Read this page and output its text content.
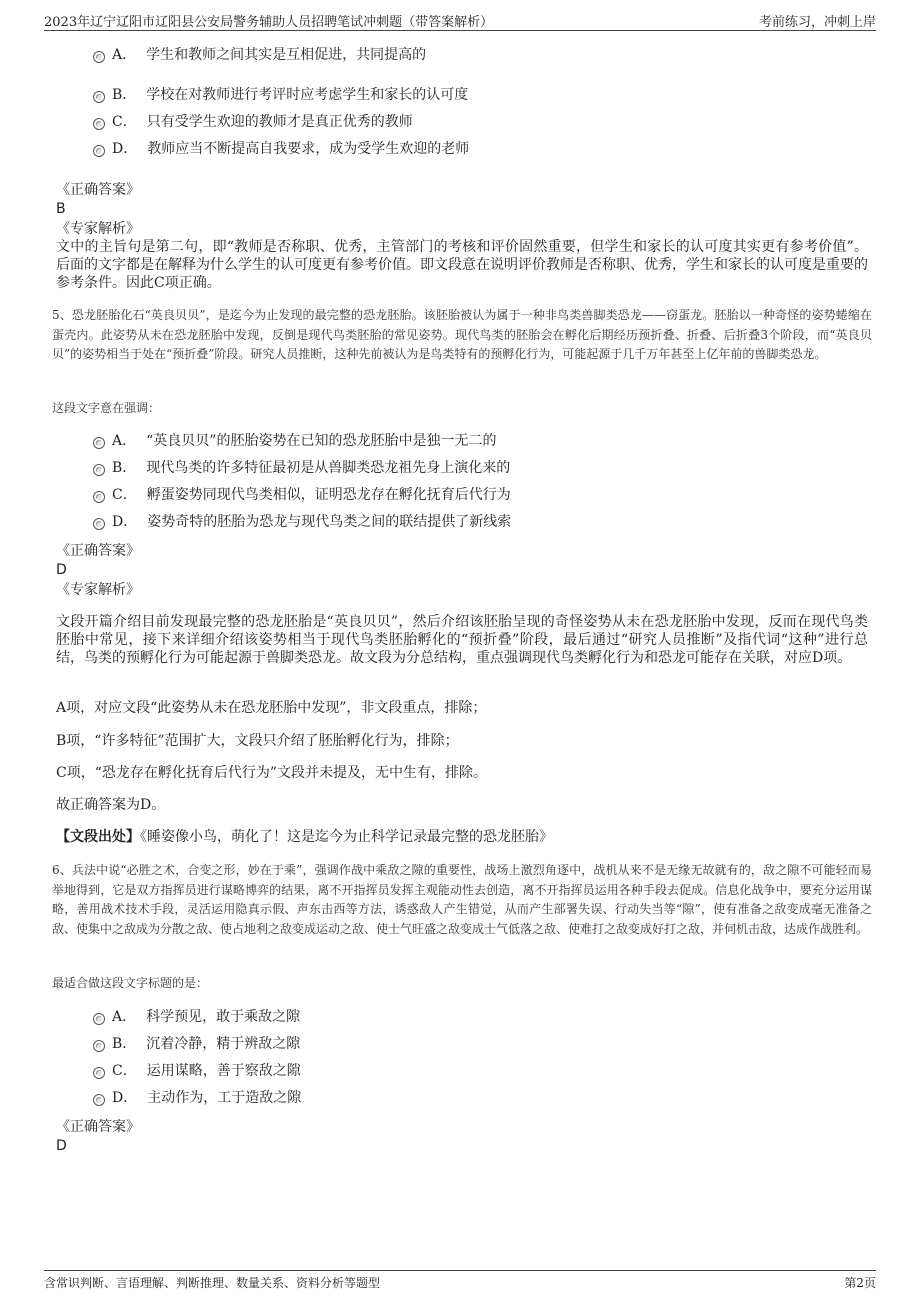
2023年辽宁辽阳市辽阳县公安局警务辅助人员招聘笔试冲刺题（带答案解析）	考前练习，冲刺上岸
A． 学生和教师之间其实是互相促进，共同提高的
B． 学校在对教师进行考评时应考虑学生和家长的认可度
C． 只有受学生欢迎的教师才是真正优秀的教师
D． 教师应当不断提高自我要求，成为受学生欢迎的老师
《正确答案》
B
《专家解析》
文中的主旨句是第二句，即“教师是否称职、优秀，主管部门的考核和评价固然重要，但学生和家长的认可度其实更有参考价值”。后面的文字都是在解释为什么学生的认可度更有参考价值。即文段意在说明评价教师是否称职、优秀，学生和家长的认可度是重要的参考条件。因此C项正确。
5、恐龙胚胎化石“英良贝贝”，是迄今为止发现的最完整的恐龙胚胎。该胚胎被认为属于一种非鸟类兽脚类恐龙——窃蛋龙。胚胎以一种奇怪的姿势蜷缩在蛋壳内。此姿势从未在恐龙胚胎中发现，反倒是现代鸟类胚胎的常见姿势。现代鸟类的胚胎会在孵化后期经历预折叠、折叠、后折叠3个阶段，而“英良贝贝”的姿势相当于处在“预折叠”阶段。研究人员推断，这种先前被认为是鸟类特有的预孵化行为，可能起源于几千万年甚至上亿年前的兽脚类恐龙。
这段文字意在强调：
A． “英良贝贝”的胚胎姿势在已知的恐龙胚胎中是独一无二的
B． 现代鸟类的许多特征最初是从兽脚类恐龙祖先身上演化来的
C． 孵蛋姿势同现代鸟类相似，证明恐龙存在孵化抚育后代行为
D． 姿势奇特的胚胎为恐龙与现代鸟类之间的联结提供了新线索
《正确答案》
D
《专家解析》
文段开篇介绍目前发现最完整的恐龙胚胎是“英良贝贝”，然后介绍该胚胎呈现的奇怪姿势从未在恐龙胚胎中发现，反而在现代鸟类胚胎中常见，接下来详细介绍该姿势相当于现代鸟类胚胎孵化的“预折叠”阶段，最后通过“研究人员推断”及指代词“这种”进行总结，鸟类的预孵化行为可能起源于兽脚类恐龙。故文段为分总结构，重点强调现代鸟类孵化行为和恐龙可能存在关联，对应D项。
A项，对应文段“此姿势从未在恐龙胚胎中发现”，非文段重点，排除；
B项，“许多特征”范围扩大，文段只介绍了胚胎孵化行为，排除；
C项，“恐龙存在孵化抚育后代行为”文段并未提及，无中生有，排除。
故正确答案为D。
【文段出处】《睡姿像小鸟，萌化了！这是迄今为止科学记录最完整的恐龙胚胎》
6、兵法中说“必胜之术，合变之形，妙在于乘”，强调作战中乘敌之隙的重要性，战场上激烈角逐中，战机从来不是无缘无故就有的，敌之隙不可能轻而易举地得到，它是双方指挥员进行谋略博弈的结果，离不开指挥员发挥主观能动性去创造，离不开指挥员运用各种手段去促成。信息化战争中，要充分运用谋略，善用战术技术手段，灵活运用隐真示假、声东击西等方法，诱惑敌人产生错觉，从而产生部署失误、行动失当等“隙”，使有准备之敌变成毫无准备之敌、使集中之敌成为分散之敌、使占地利之敌变成运动之敌、使士气旺盛之敌变成士气低落之敌、使难打之敌变成好打之敌，并伺机击敌，达成作战胜利。
最适合做这段文字标题的是：
A． 科学预见，敢于乘敌之隙
B． 沉着冷静，精于辨敌之隙
C． 运用谋略，善于察敌之隙
D． 主动作为，工于造敌之隙
《正确答案》
D
含常识判断、言语理解、判断推理、数量关系、资料分析等题型	第2页
